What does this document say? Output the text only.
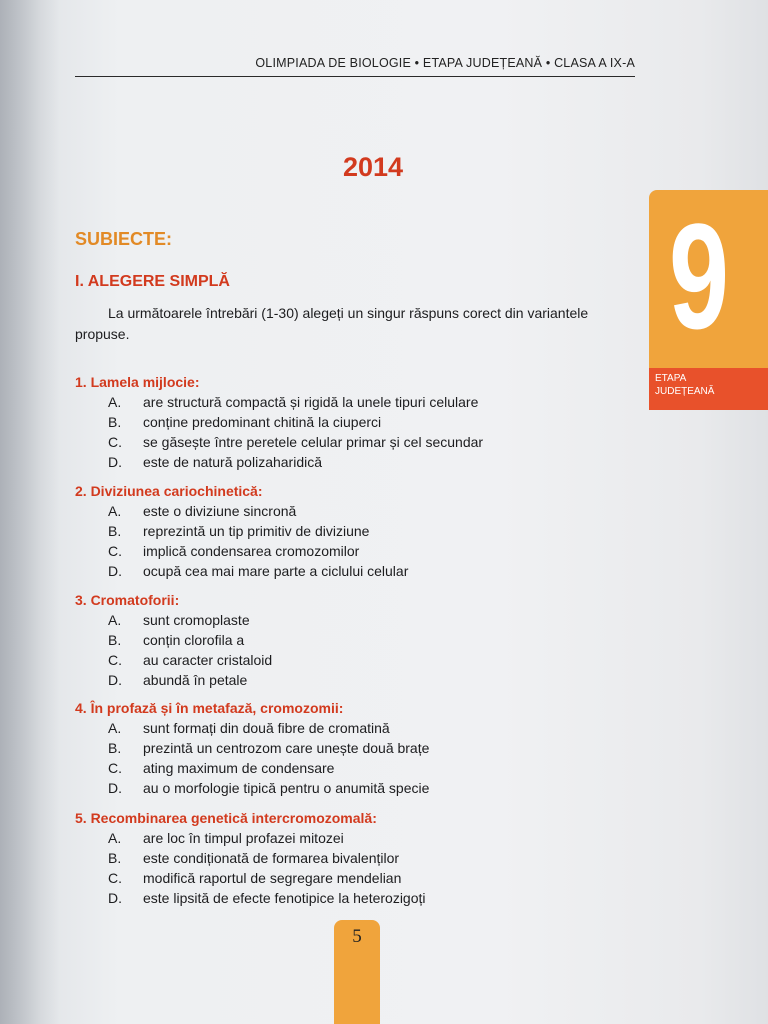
OLIMPIADA DE BIOLOGIE • ETAPA JUDEȚEANĂ • CLASA A IX-A
2014
9
ETAPA
JUDEȚEANĂ
SUBIECTE:
I. ALEGERE SIMPLĂ
La următoarele întrebări (1-30) alegeți un singur răspuns corect din variantele propuse.
1. Lamela mijlocie:
A. are structură compactă și rigidă la unele tipuri celulare
B. conține predominant chitină la ciuperci
C. se găsește între peretele celular primar și cel secundar
D. este de natură polizaharidică
2. Diviziunea cariochinetică:
A. este o diviziune sincronă
B. reprezintă un tip primitiv de diviziune
C. implică condensarea cromozomilor
D. ocupă cea mai mare parte a ciclului celular
3. Cromatoforii:
A. sunt cromoplaste
B. conțin clorofila a
C. au caracter cristaloid
D. abundă în petale
4. În profază și în metafază, cromozomii:
A. sunt formați din două fibre de cromatină
B. prezintă un centrozom care unește două brațe
C. ating maximum de condensare
D. au o morfologie tipică pentru o anumită specie
5. Recombinarea genetică intercromozomală:
A. are loc în timpul profazei mitozei
B. este condiționată de formarea bivalenților
C. modifică raportul de segregare mendelian
D. este lipsită de efecte fenotipice la heterozigoți
5
